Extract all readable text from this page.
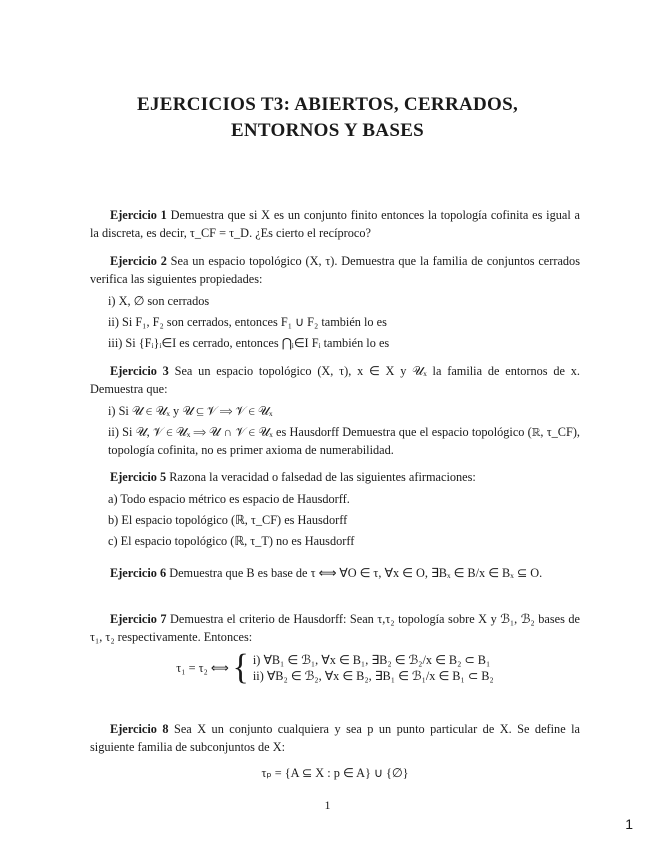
EJERCICIOS T3: ABIERTOS, CERRADOS,
ENTORNOS Y BASES

Ejercicio 1 Demuestra que si X es un conjunto finito entonces la topología cofinita es igual a la discreta, es decir, τ_CF = τ_D. ¿Es cierto el recíproco?

Ejercicio 2 Sea un espacio topológico (X, τ). Demuestra que la familia de conjuntos cerrados verifica las siguientes propiedades:

i) X, ∅ son cerrados

ii) Si F₁, F₂ son cerrados, entonces F₁ ∪ F₂ también lo es

iii) Si {Fᵢ}ᵢ∈I es cerrado, entonces ⋂ᵢ∈I Fᵢ también lo es

Ejercicio 3 Sea un espacio topológico (X, τ), x ∈ X y 𝒰ₓ la familia de entornos de x. Demuestra que:

i) Si 𝒰 ∈ 𝒰ₓ y 𝒰 ⊆ 𝒱 ⟹ 𝒱 ∈ 𝒰ₓ

ii) Si 𝒰, 𝒱 ∈ 𝒰ₓ ⟹ 𝒰 ∩ 𝒱 ∈ 𝒰ₓ es Hausdorff Demuestra que el espacio topológico (ℝ, τ_CF), topología cofinita, no es primer axioma de numerabilidad.

Ejercicio 5 Razona la veracidad o falsedad de las siguientes afirmaciones:

a) Todo espacio métrico es espacio de Hausdorff.

b) El espacio topológico (ℝ, τ_CF) es Hausdorff

c) El espacio topológico (ℝ, τ_T) no es Hausdorff

Ejercicio 6 Demuestra que B es base de τ ⟺ ∀O ∈ τ, ∀x ∈ O, ∃Bₓ ∈ B/x ∈ Bₓ ⊆ O.

Ejercicio 7 Demuestra el criterio de Hausdorff: Sean τ,τ₂ topología sobre X y ℬ₁, ℬ₂ bases de τ₁, τ₂ respectivamente. Entonces:

τ₁ = τ₂ ⟺ { i) ∀B₁ ∈ ℬ₁, ∀x ∈ B₁, ∃B₂ ∈ ℬ₂/x ∈ B₂ ⊂ B₁
ii) ∀B₂ ∈ ℬ₂, ∀x ∈ B₂, ∃B₁ ∈ ℬ₁/x ∈ B₁ ⊂ B₂

Ejercicio 8 Sea X un conjunto cualquiera y sea p un punto particular de X. Se define la siguiente familia de subconjuntos de X:

τₚ = {A ⊆ X : p ∈ A} ∪ {∅}

1
1
